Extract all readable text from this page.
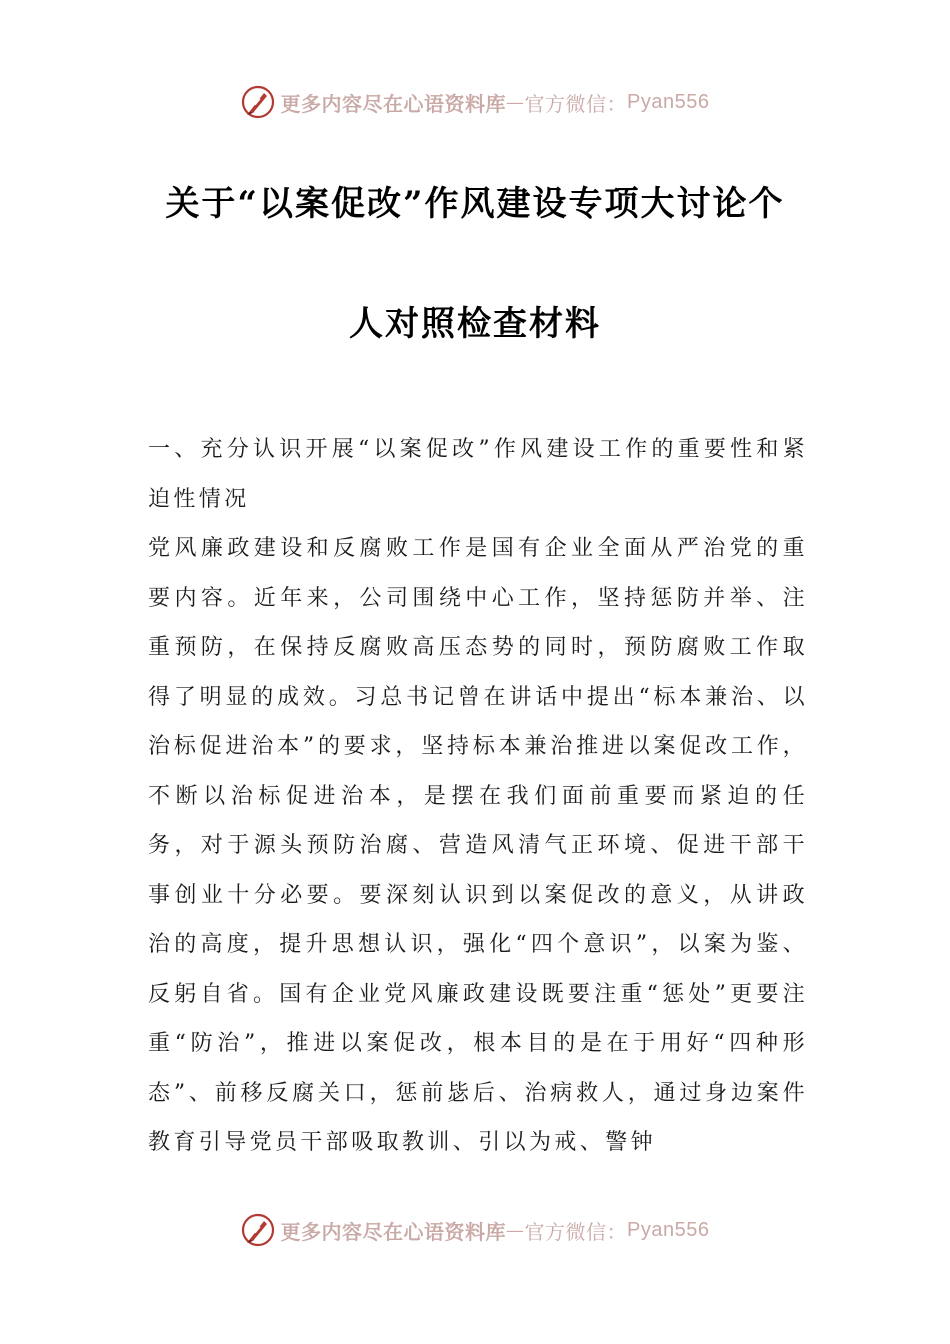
更多内容尽在心语资料库 — 官方微信： Pyan556
关于“以案促改”作风建设专项大讨论个
人对照检查材料

一、充分认识开展“以案促改”作风建设工作的重要性和紧迫性情况

党风廉政建设和反腐败工作是国有企业全面从严治党的重要内容。近年来，公司围绕中心工作，坚持惩防并举、注重预防，在保持反腐败高压态势的同时，预防腐败工作取得了明显的成效。习总书记曾在讲话中提出“标本兼治、以治标促进治本”的要求，坚持标本兼治推进以案促改工作，不断以治标促进治本，是摆在我们面前重要而紧迫的任务，对于源头预防治腐、营造风清气正环境、促进干部干事创业十分必要。要深刻认识到以案促改的意义，从讲政治的高度，提升思想认识，强化“四个意识”，以案为鉴、反躬自省。国有企业党风廉政建设既要注重“惩处”更要注重“防治”，推进以案促改，根本目的是在于用好“四种形态”、前移反腐关口，惩前毖后、治病救人，通过身边案件教育引导党员干部吸取教训、引以为戒、警钟

更多内容尽在心语资料库 — 官方微信： Pyan556
